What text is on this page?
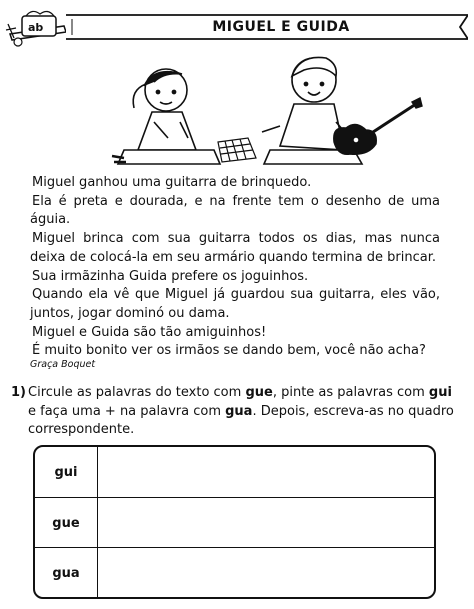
ab	MIGUEL E GUIDA

Miguel ganhou uma guitarra de brinquedo.

Ela é preta e dourada, e na frente tem o desenho de uma águia.

Miguel brinca com sua guitarra todos os dias, mas nunca deixa de colocá-la em seu armário quando termina de brincar.

Sua irmãzinha Guida prefere os joguinhos.

Quando ela vê que Miguel já guardou sua guitarra, eles vão, juntos, jogar dominó ou dama.

Miguel e Guida são tão amiguinhos!

É muito bonito ver os irmãos se dando bem, você não acha?

Graça Boquet
1) Circule as palavras do texto com gue, pinte as palavras com gui e faça uma + na palavra com gua. Depois, escreva-as no quadro correspondente.
gui
gue
gua
